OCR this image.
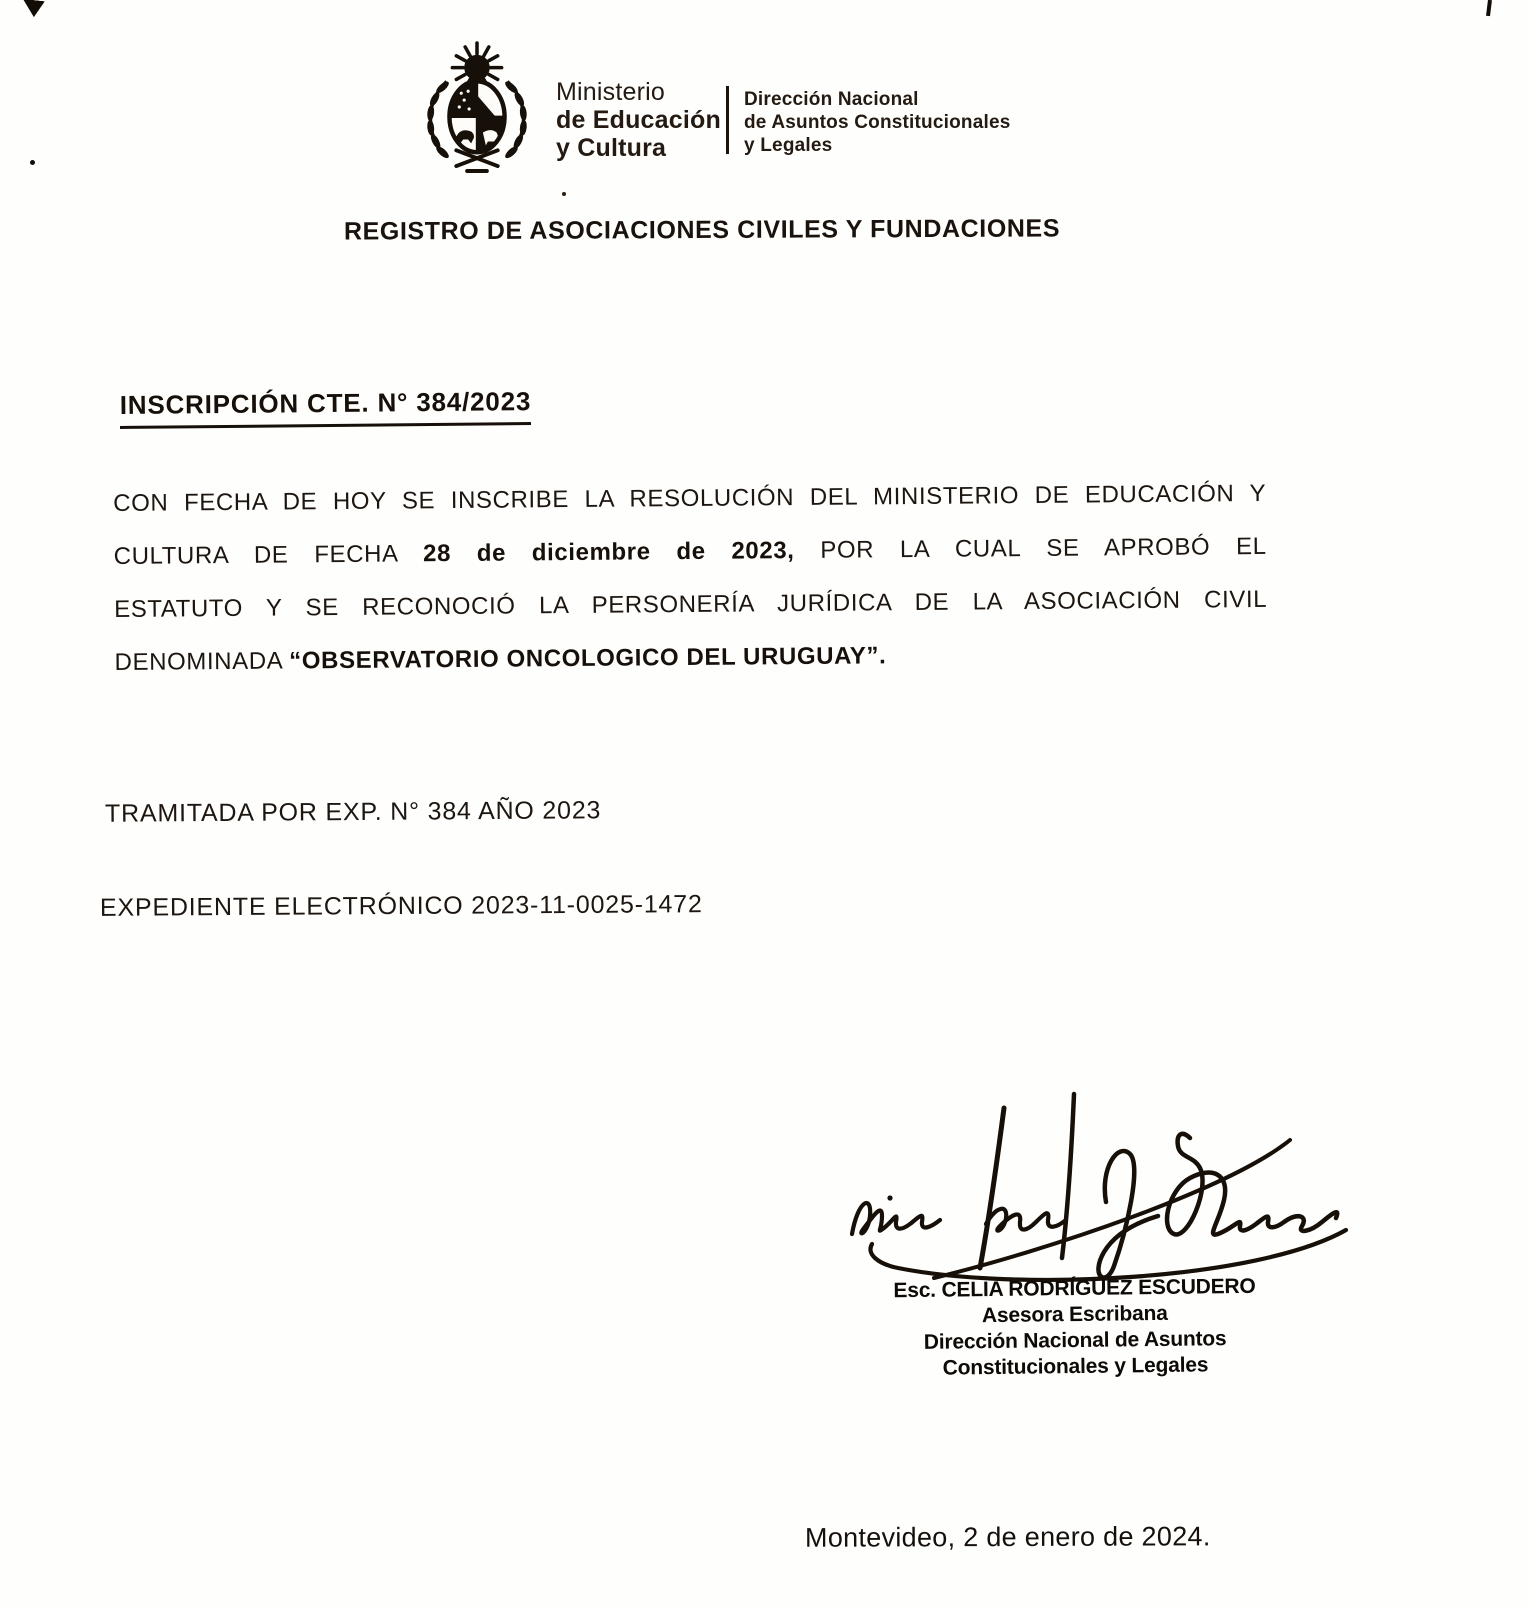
Ministerio
de Educación
y Cultura
Dirección Nacional
de Asuntos Constitucionales
y Legales
REGISTRO DE ASOCIACIONES CIVILES Y FUNDACIONES
INSCRIPCIÓN CTE. N° 384/2023
CON FECHA DE HOY SE INSCRIBE LA RESOLUCIÓN DEL MINISTERIO DE EDUCACIÓN Y
CULTURA DE FECHA 28 de diciembre de 2023, POR LA CUAL SE APROBÓ EL
ESTATUTO Y SE RECONOCIÓ LA PERSONERÍA JURÍDICA DE LA ASOCIACIÓN CIVIL
DENOMINADA “OBSERVATORIO ONCOLOGICO DEL URUGUAY”.
TRAMITADA POR EXP. N° 384 AÑO 2023
EXPEDIENTE ELECTRÓNICO 2023-11-0025-1472
Esc. CELIA RODRÍGUEZ ESCUDERO
Asesora Escribana
Dirección Nacional de Asuntos
Constitucionales y Legales
Montevideo, 2 de enero de 2024.
